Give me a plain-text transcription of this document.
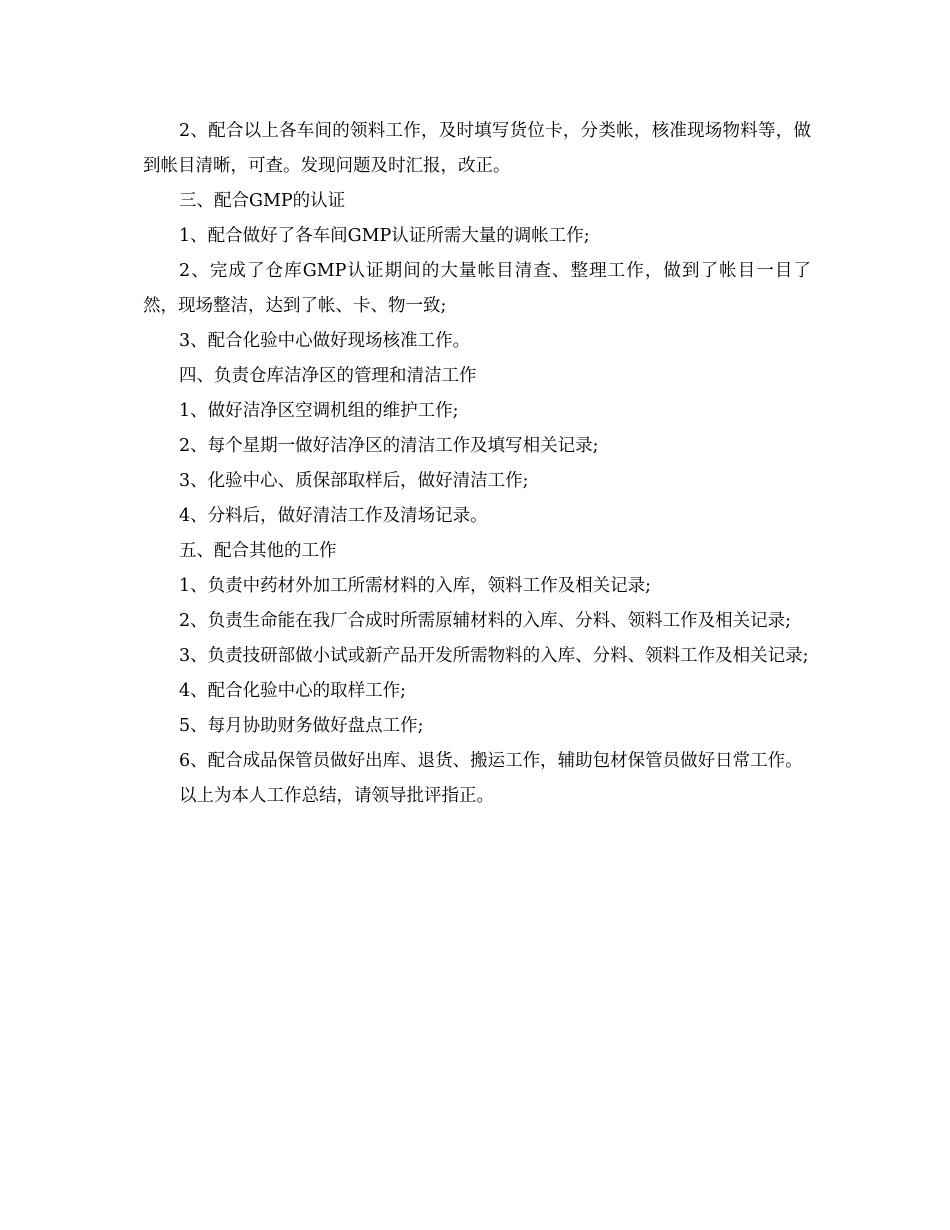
2、配合以上各车间的领料工作，及时填写货位卡，分类帐，核准现场物料等，做到帐目清晰，可查。发现问题及时汇报，改正。

三、配合GMP的认证

1、配合做好了各车间GMP认证所需大量的调帐工作;

2、完成了仓库GMP认证期间的大量帐目清查、整理工作，做到了帐目一目了然，现场整洁，达到了帐、卡、物一致;

3、配合化验中心做好现场核准工作。

四、负责仓库洁净区的管理和清洁工作

1、做好洁净区空调机组的维护工作;

2、每个星期一做好洁净区的清洁工作及填写相关记录;

3、化验中心、质保部取样后，做好清洁工作;

4、分料后，做好清洁工作及清场记录。

五、配合其他的工作

1、负责中药材外加工所需材料的入库，领料工作及相关记录;

2、负责生命能在我厂合成时所需原辅材料的入库、分料、领料工作及相关记录;

3、负责技研部做小试或新产品开发所需物料的入库、分料、领料工作及相关记录;

4、配合化验中心的取样工作;

5、每月协助财务做好盘点工作;

6、配合成品保管员做好出库、退货、搬运工作，辅助包材保管员做好日常工作。

以上为本人工作总结，请领导批评指正。
